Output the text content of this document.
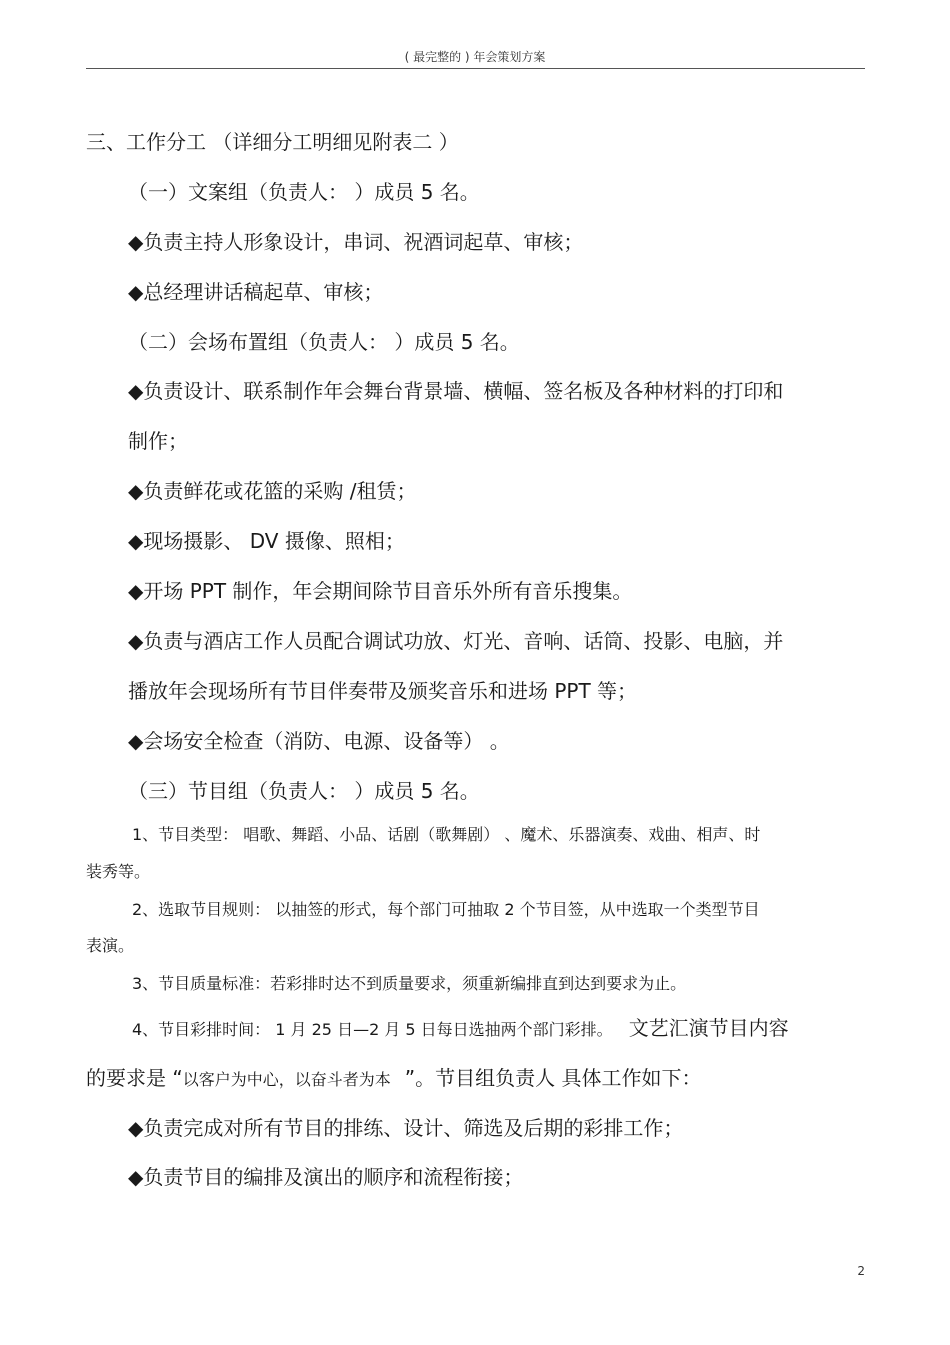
( 最完整的 ) 年会策划方案
三、工作分工 （详细分工明细见附表二 ）
（一）文案组（负责人： ）成员 5 名。
◆负责主持人形象设计，串词、祝酒词起草、审核；
◆总经理讲话稿起草、审核；
（二）会场布置组（负责人： ）成员 5 名。
◆负责设计、联系制作年会舞台背景墙、横幅、签名板及各种材料的打印和
制作；
◆负责鲜花或花篮的采购 /租赁；
◆现场摄影、 DV 摄像、照相；
◆开场 PPT 制作，年会期间除节目音乐外所有音乐搜集。
◆负责与酒店工作人员配合调试功放、灯光、音响、话筒、投影、电脑，并
播放年会现场所有节目伴奏带及颁奖音乐和进场 PPT 等；
◆会场安全检查（消防、电源、设备等） 。
（三）节目组（负责人： ）成员 5 名。
1、节目类型： 唱歌、舞蹈、小品、话剧（歌舞剧） 、魔术、乐器演奏、戏曲、相声、时
装秀等。
2、选取节目规则： 以抽签的形式，每个部门可抽取 2 个节目签，从中选取一个类型节目
表演。
3、节目质量标准：若彩排时达不到质量要求，须重新编排直到达到要求为止。
4、节目彩排时间： 1 月 25 日—2 月 5 日每日选抽两个部门彩排。 文艺汇演节目内容
的要求是 “以客户为中心，以奋斗者为本 ”。节目组负责人 具体工作如下：
◆负责完成对所有节目的排练、设计、筛选及后期的彩排工作；
◆负责节目的编排及演出的顺序和流程衔接；
2
